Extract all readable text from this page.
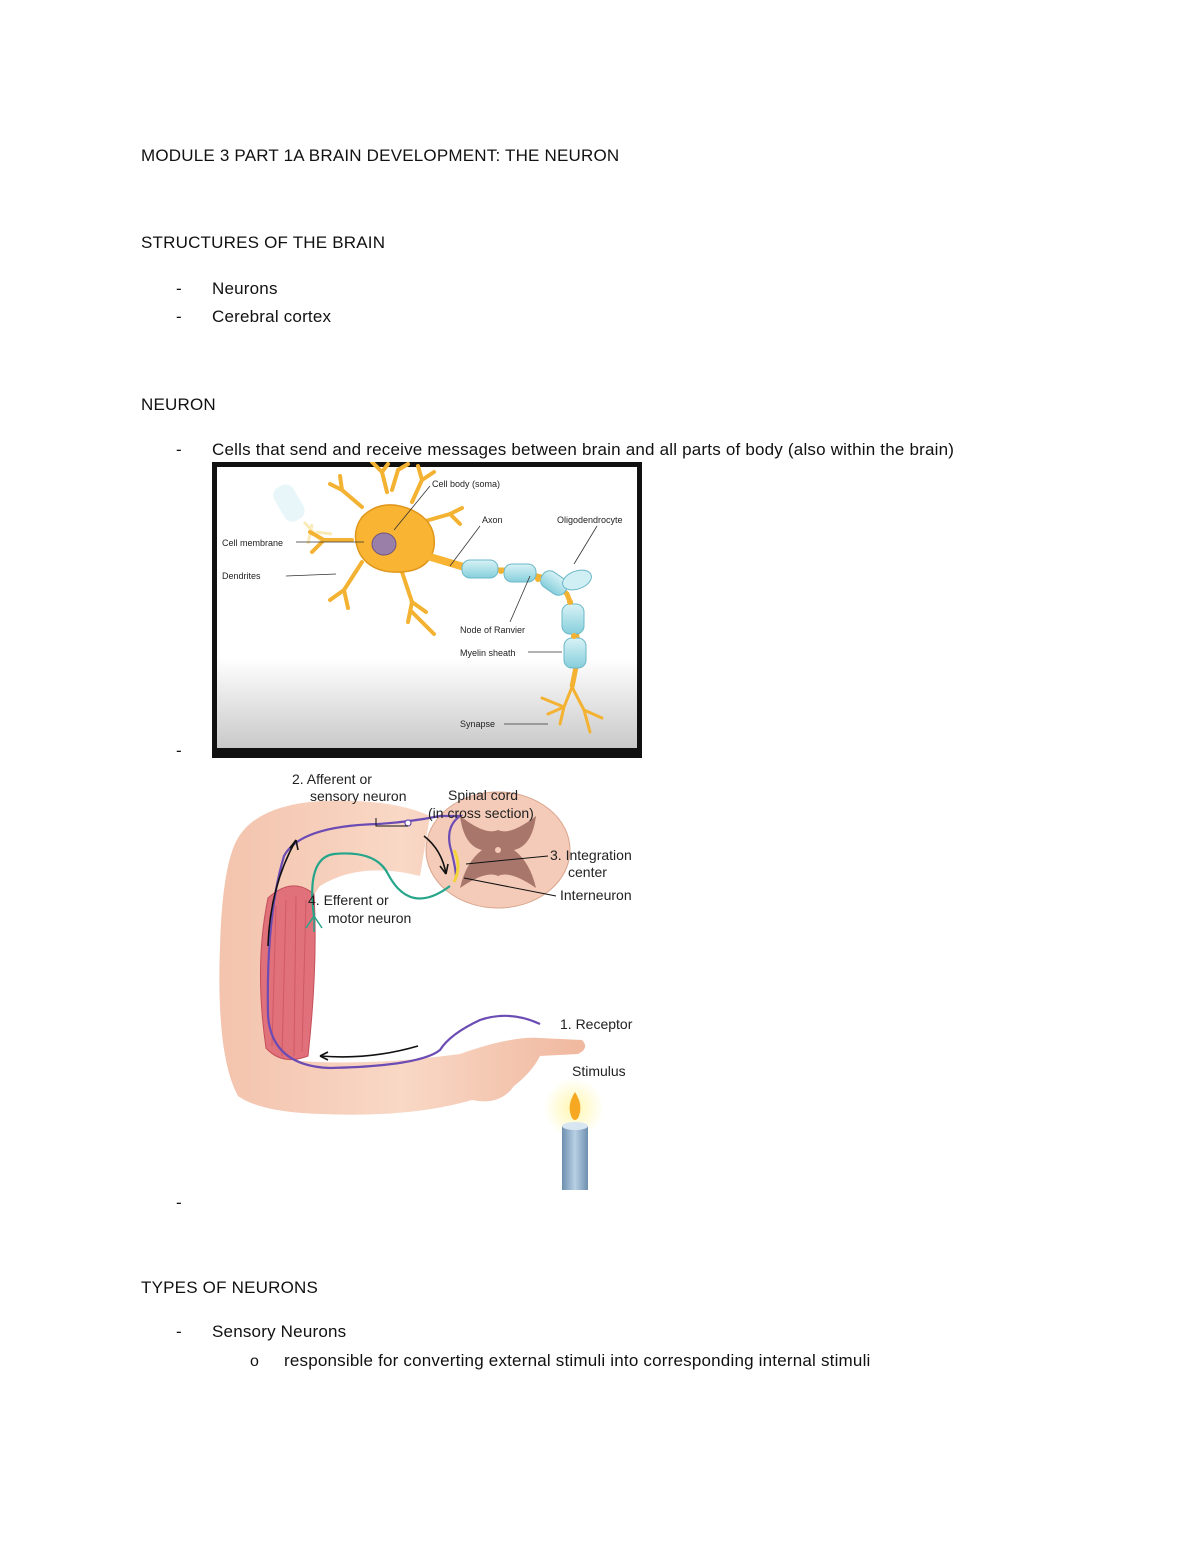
MODULE 3 PART 1A BRAIN DEVELOPMENT: THE NEURON
STRUCTURES OF THE BRAIN
- Neurons
- Cerebral cortex
NEURON
- Cells that send and receive messages between brain and all parts of body (also within the brain)
Cell body (soma)
Axon	Oligodendrocyte
Cell membrane
Dendrites
Node of Ranvier
Myelin sheath
Synapse
-
2. Afferent or
sensory neuron	Spinal cord
(in cross section)
3. Integration
center
Interneuron
4. Efferent or
motor neuron
1. Receptor
Stimulus
-
TYPES OF NEURONS
- Sensory Neurons
o responsible for converting external stimuli into corresponding internal stimuli
